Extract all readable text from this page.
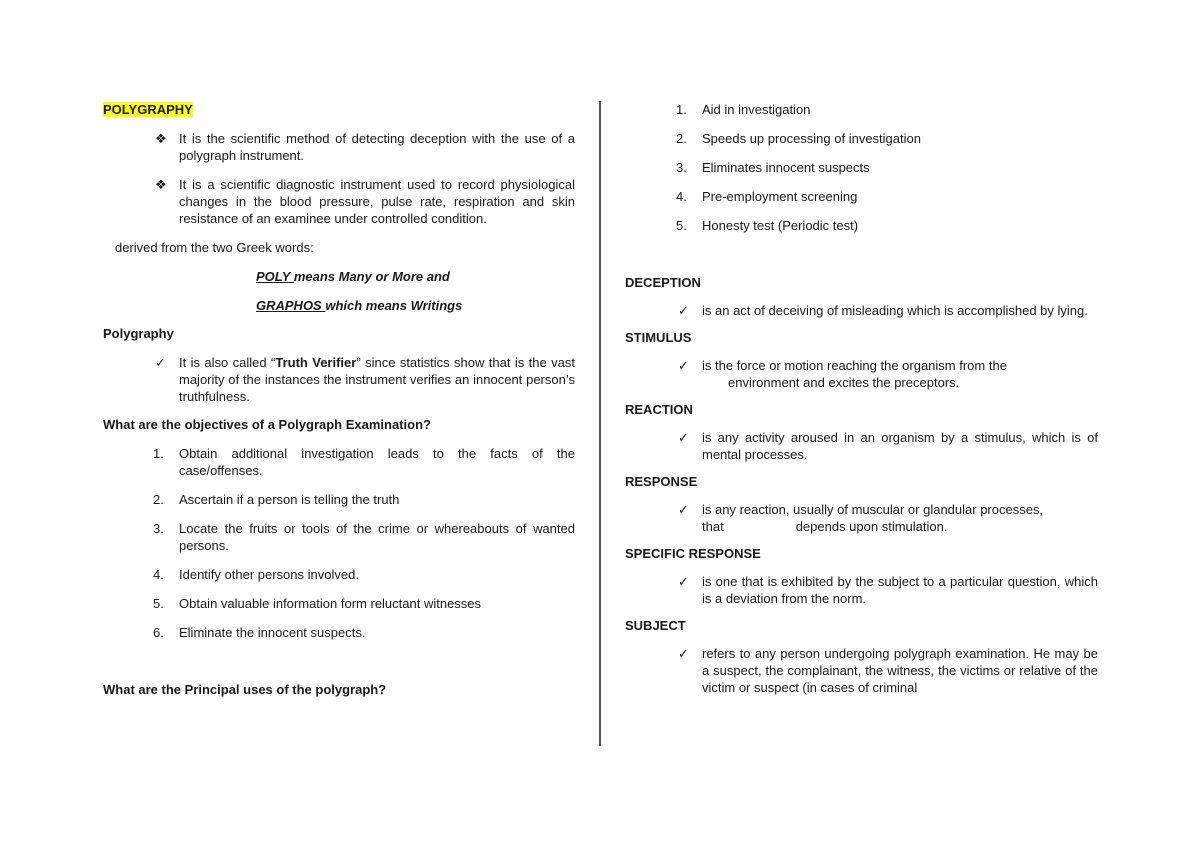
POLYGRAPHY

❖ It is the scientific method of detecting deception with the use of a polygraph instrument.

❖ It is a scientific diagnostic instrument used to record physiological changes in the blood pressure, pulse rate, respiration and skin resistance of an examinee under controlled condition.

derived from the two Greek words:

POLY means Many or More and

GRAPHOS which means Writings

Polygraphy

✓ It is also called “Truth Verifier” since statistics show that is the vast majority of the instances the instrument verifies an innocent person’s truthfulness.

What are the objectives of a Polygraph Examination?

1. Obtain additional investigation leads to the facts of the case/offenses.

2. Ascertain if a person is telling the truth

3. Locate the fruits or tools of the crime or whereabouts of wanted persons.

4. Identify other persons involved.

5. Obtain valuable information form reluctant witnesses

6. Eliminate the innocent suspects.

What are the Principal uses of the polygraph?

1. Aid in investigation

2. Speeds up processing of investigation

3. Eliminates innocent suspects

4. Pre-employment screening

5. Honesty test (Periodic test)

DECEPTION

✓ is an act of deceiving of misleading which is accomplished by lying.

STIMULUS

✓ is the force or motion reaching the organism from the

environment and excites the preceptors.

REACTION

✓ is any activity aroused in an organism by a stimulus, which is of mental processes.

RESPONSE

✓ is any reaction, usually of muscular or glandular processes,

that	depends upon stimulation.

SPECIFIC RESPONSE

✓ is one that is exhibited by the subject to a particular question, which is a deviation from the norm.

SUBJECT

✓ refers to any person undergoing polygraph examination. He may be a suspect, the complainant, the witness, the victims or relative of the victim or suspect (in cases of criminal
